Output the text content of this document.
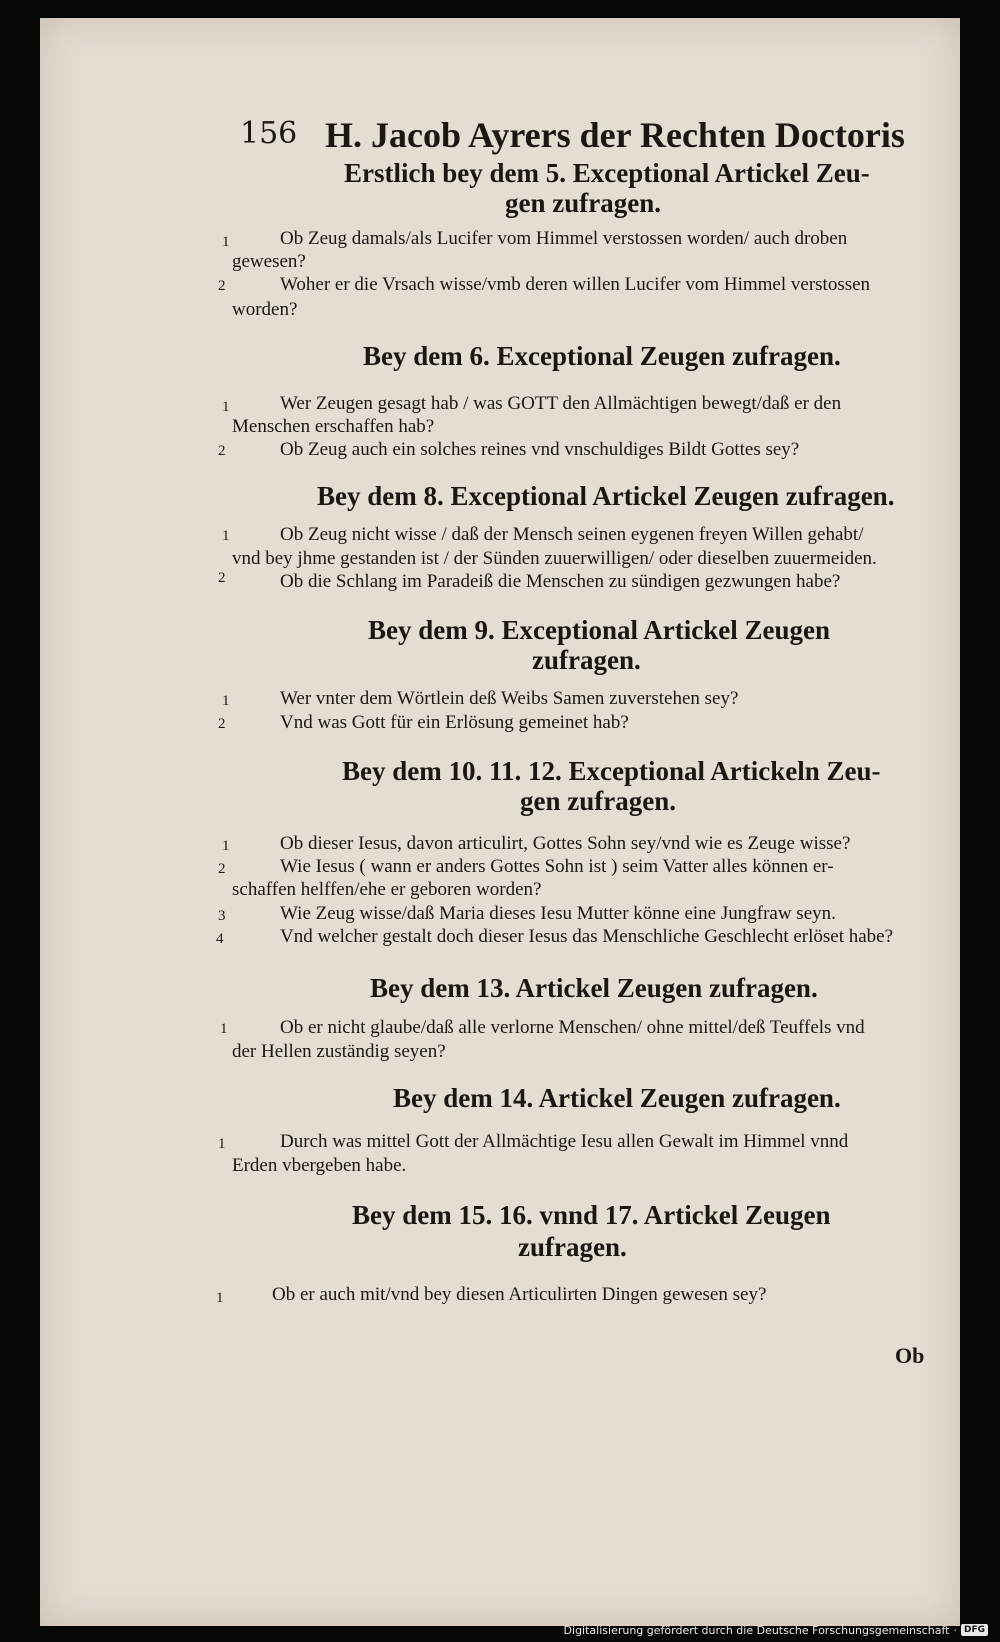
156 H. Jacob Ayrers der Rechten Doctoris
Erstlich bey dem 5. Exceptional Artickel Zeu-
gen zufragen.
1	Ob Zeug damals/als Lucifer vom Himmel verstossen worden/ auch droben
gewesen?
2	Woher er die Vrsach wisse/vmb deren willen Lucifer vom Himmel verstossen
worden?
Bey dem 6. Exceptional Zeugen zufragen.
1	Wer Zeugen gesagt hab / was GOTT den Allmächtigen bewegt/daß er den
Menschen erschaffen hab?
2	Ob Zeug auch ein solches reines vnd vnschuldiges Bildt Gottes sey?
Bey dem 8. Exceptional Artickel Zeugen zufragen.
1	Ob Zeug nicht wisse / daß der Mensch seinen eygenen freyen Willen gehabt/
vnd bey jhme gestanden ist / der Sünden zuuerwilligen/ oder dieselben zuuermeiden.
2	Ob die Schlang im Paradeiß die Menschen zu sündigen gezwungen habe?
Bey dem 9. Exceptional Artickel Zeugen
zufragen.
1	Wer vnter dem Wörtlein deß Weibs Samen zuverstehen sey?
2	Vnd was Gott für ein Erlösung gemeinet hab?
Bey dem 10. 11. 12. Exceptional Artickeln Zeu-
gen zufragen.
1	Ob dieser Iesus, davon articulirt, Gottes Sohn sey/vnd wie es Zeuge wisse?
2	Wie Iesus ( wann er anders Gottes Sohn ist ) seim Vatter alles können er-
schaffen helffen/ehe er geboren worden?
3	Wie Zeug wisse/daß Maria dieses Iesu Mutter könne eine Jungfraw seyn.
4	Vnd welcher gestalt doch dieser Iesus das Menschliche Geschlecht erlöset habe?
Bey dem 13. Artickel Zeugen zufragen.
1	Ob er nicht glaube/daß alle verlorne Menschen/ ohne mittel/deß Teuffels vnd
der Hellen zuständig seyen?
Bey dem 14. Artickel Zeugen zufragen.
1	Durch was mittel Gott der Allmächtige Iesu allen Gewalt im Himmel vnnd
Erden vbergeben habe.
Bey dem 15. 16. vnnd 17. Artickel Zeugen
zufragen.
1	Ob er auch mit/vnd bey diesen Articulirten Dingen gewesen sey?
Ob
Digitalisierung gefördert durch die Deutsche Forschungsgemeinschaft · DFG
